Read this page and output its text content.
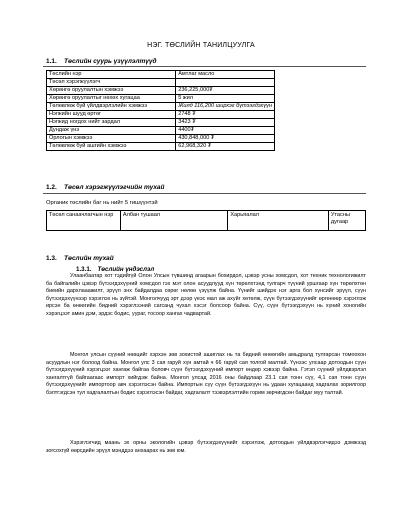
НЭГ. ТӨСЛИЙН ТАНИЛЦУУЛГА
1.1. Төслийн суурь үзүүлэлтүүд
Төслийн нэр	Амтлаг масло
Төсөл хэрэгжүүлэгч	
Хөрөнгө оруулалтын хэмжээ	236,225,000₮
Хөрөнгө оруулалтыг нөхөх хугацаа	5 жил
Төлөвлөж буй үйлдвэрлэлийн хэмжээ	Жилд 116,200 ширхэг бүтээгдэхүүн
Нэгжийн шууд өртөг	2748 ₮
Нэгжид ногдох нийт зардал	3423 ₮
Дундаж үнэ	4400₮
Орлогын хэмжээ	430,848,000 ₮
Төлөвлөж буй ашгийн хэмжээ	62,968,320 ₮
1.2. Төсөл хэрэгжүүлэгчийн тухай
Органик төслийн баг нь нийт 5 гишүүнтэй
Төсөл санаачлагчын нэр	Албан тушаал	Харьяалал	Утасны дугаар
1.3. Төслийн тухай
1.3.1. Төслийн үндэслэл
Улаанбаатар хот тэдийгүй Олон Улсын түвшинд агаарын бохирдол, цэвэр усны хомсдол, хот техник технологижилт ба байгалийн цэвэр бүтээгдэхүүний хомсдол гэх мэт олон асуудлууд хүн төрөлхтэнд тулгарч түүний уршгаар хүн төрөлхтөн биеийн дархлааажилт, эрүүл энх байдалдаа сөрөг нөлөө үзүүлж байна. Үүнийг шийдэх нэг арга бол хүнсийг эрүүл, сүүн бүтээгдэхүүнээр хэрэглэх нь зүйтэй. Монголчууд эрт дээр үеэс мал аж ахуйг хөтөлж, сүүн бүтээгдэхүүнийг өргөнөөр хэрэглэж ирсэн ба өнөөгийн бидний хэрэглээний сагсанд чухал хэсэг болсоор байна. Сүү, сүүн бүтээгдэхүүн нь хүний хоногийн хэрэгцээт амин дэм, эрдэс бодис, уураг, тосоор хангах чадвартай.
Монгол улсын сүүний нөөцийг хэрхэн зөв зохистой ашиглах нь та бидний өнөөгийн амьдралд тулгарсан томоохон асуудлын нэг болоод байна. Монгол улс 3 сая гаруй хүн амтай ч 66 гаруй сая толгой малтай. Үүнээс улсаар дотоодын сүүн бүтээгдэхүүний хэрэгцээг хангаж байгаа боловч сүүн бүтээгдэхүүний импорт өндөр хэвээр байна. Гэтэл сүүний үйлдвэрлэл хангалтгүй байгаагаас импорт хийгдэж байна. Монгол улсад 2016 оны байдлаар 23.1 сая тонн сүү, 4,1 сая тонн сүүн бүтээгдэхүүнийг импортоор авч хэрэглэсэн байна. Импортын сүү сүүн бүтээгдэхүүн нь удаан хугацаанд хадгалах зорилгоор бэлтгэгдсэн тул хадгалалтын бодис хэрэглэсэн байдаг, хадгалалт тээвэрлэлтийн горим зөрчигдсөн байдаг муу талтай.
Хэрэглэгчид маань эх орны экологийн цэвэр бүтээгдэхүүнийг хэрэглэж, дотоодын үйлдвэрлэгчидээ дэмжээд зогсохгүй өөрсдийн эрүүл мэнддээ анхаарах нь зөв юм.
